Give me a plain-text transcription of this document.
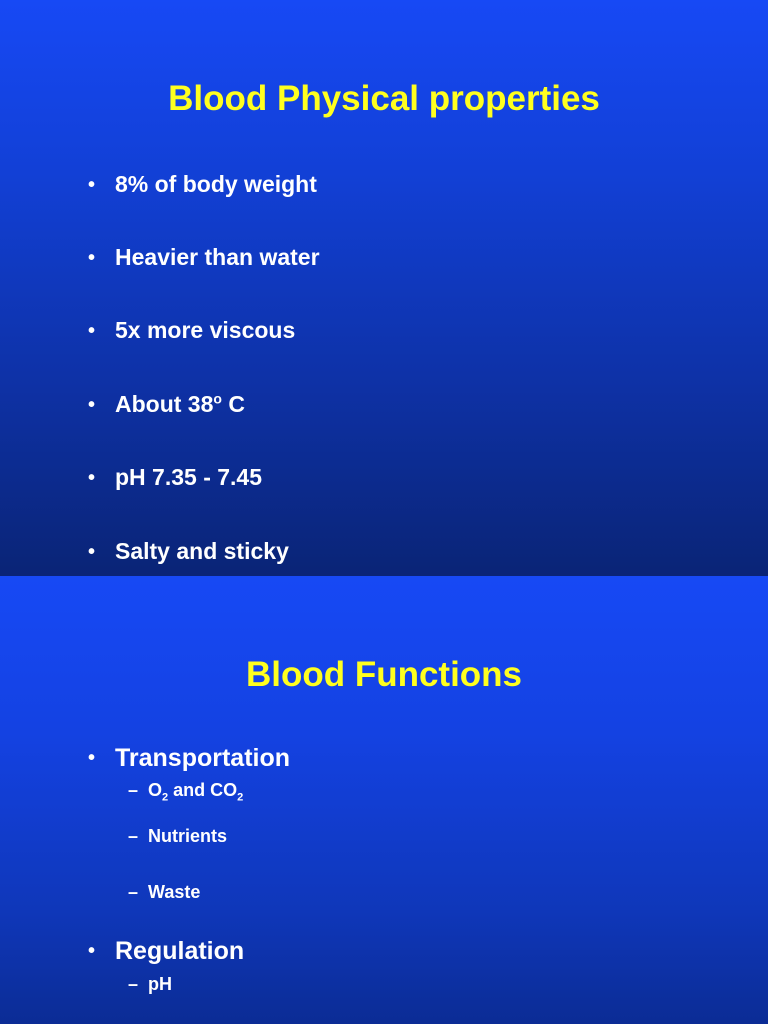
Blood Physical properties
• 8% of body weight
• Heavier than water
• 5x more viscous
• About 38$^o$ C
• pH 7.35 - 7.45
• Salty and sticky
Blood Functions
• Transportation
– $O_2$ and $CO_2$
– Nutrients
– Waste
• Regulation
– pH
